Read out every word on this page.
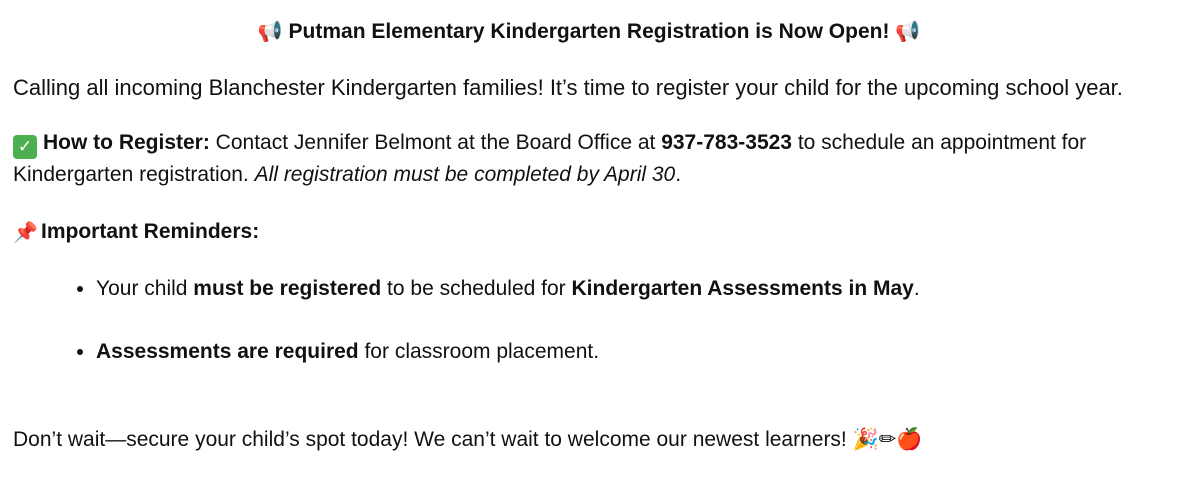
📢 Putman Elementary Kindergarten Registration is Now Open! 📢

Calling all incoming Blanchester Kindergarten families! It’s time to register your child for the upcoming school year.

✓ How to Register: Contact Jennifer Belmont at the Board Office at 937-783-3523 to schedule an appointment for Kindergarten registration. All registration must be completed by April 30.

📌 Important Reminders:

• Your child must be registered to be scheduled for Kindergarten Assessments in May.
• Assessments are required for classroom placement.

Don’t wait—secure your child’s spot today! We can’t wait to welcome our newest learners! 🎉✏🍎
